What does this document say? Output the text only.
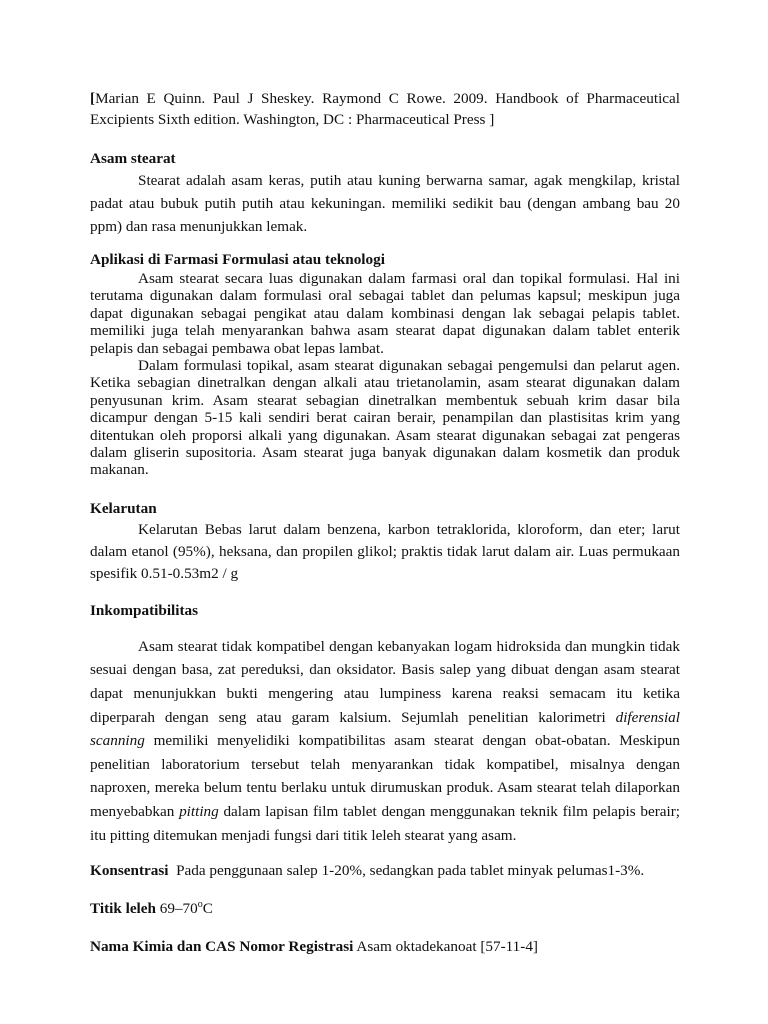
[Marian E Quinn. Paul J Sheskey. Raymond C Rowe. 2009. Handbook of Pharmaceutical Excipients Sixth edition. Washington, DC : Pharmaceutical Press ]

Asam stearat

Stearat adalah asam keras, putih atau kuning berwarna samar, agak mengkilap, kristal padat atau bubuk putih putih atau kekuningan. memiliki sedikit bau (dengan ambang bau 20 ppm) dan rasa menunjukkan lemak.

Aplikasi di Farmasi Formulasi atau teknologi

Asam stearat secara luas digunakan dalam farmasi oral dan topikal formulasi. Hal ini terutama digunakan dalam formulasi oral sebagai tablet dan pelumas kapsul; meskipun juga dapat digunakan sebagai pengikat atau dalam kombinasi dengan lak sebagai pelapis tablet. memiliki juga telah menyarankan bahwa asam stearat dapat digunakan dalam tablet enterik pelapis dan sebagai pembawa obat lepas lambat.

Dalam formulasi topikal, asam stearat digunakan sebagai pengemulsi dan pelarut agen. Ketika sebagian dinetralkan dengan alkali atau trietanolamin, asam stearat digunakan dalam penyusunan krim. Asam stearat sebagian dinetralkan membentuk sebuah krim dasar bila dicampur dengan 5-15 kali sendiri berat cairan berair, penampilan dan plastisitas krim yang ditentukan oleh proporsi alkali yang digunakan. Asam stearat digunakan sebagai zat pengeras dalam gliserin supositoria. Asam stearat juga banyak digunakan dalam kosmetik dan produk makanan.

Kelarutan

Kelarutan Bebas larut dalam benzena, karbon tetraklorida, kloroform, dan eter; larut dalam etanol (95%), heksana, dan propilen glikol; praktis tidak larut dalam air. Luas permukaan spesifik 0.51-0.53m2 / g

Inkompatibilitas

Asam stearat tidak kompatibel dengan kebanyakan logam hidroksida dan mungkin tidak sesuai dengan basa, zat pereduksi, dan oksidator. Basis salep yang dibuat dengan asam stearat dapat menunjukkan bukti mengering atau lumpiness karena reaksi semacam itu ketika diperparah dengan seng atau garam kalsium. Sejumlah penelitian kalorimetri diferensial scanning memiliki menyelidiki kompatibilitas asam stearat dengan obat-obatan. Meskipun penelitian laboratorium tersebut telah menyarankan tidak kompatibel, misalnya dengan naproxen, mereka belum tentu berlaku untuk dirumuskan produk. Asam stearat telah dilaporkan menyebabkan pitting dalam lapisan film tablet dengan menggunakan teknik film pelapis berair; itu pitting ditemukan menjadi fungsi dari titik leleh stearat yang asam.

Konsentrasi  Pada penggunaan salep 1-20%, sedangkan pada tablet minyak pelumas1-3%.

Titik leleh 69–70$^o$C

Nama Kimia dan CAS Nomor Registrasi Asam oktadekanoat [57-11-4]
